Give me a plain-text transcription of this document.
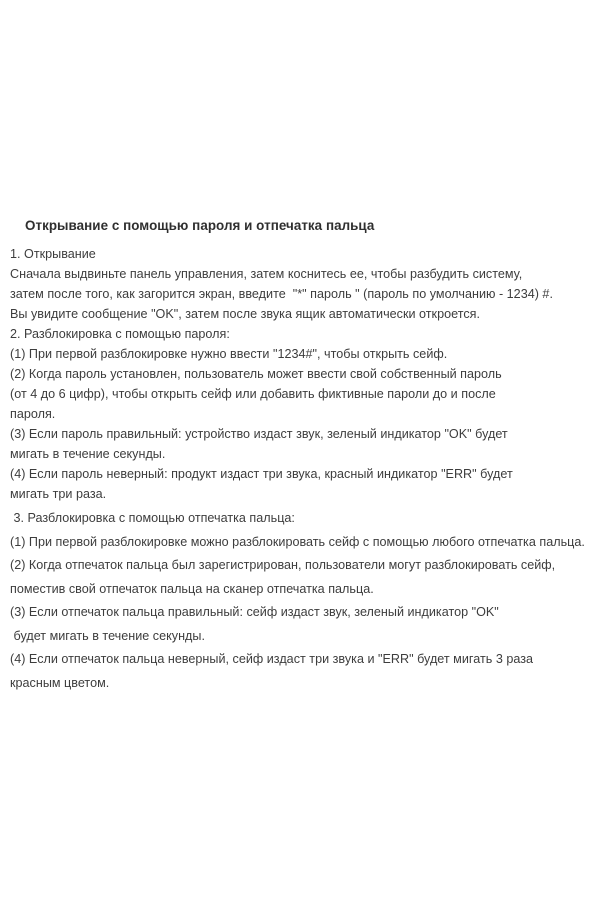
Открывание с помощью пароля и отпечатка пальца

1. Открывание

Сначала выдвиньте панель управления, затем коснитесь ее, чтобы разбудить систему,

затем после того, как загорится экран, введите  "*" пароль " (пароль по умолчанию - 1234) #.

Вы увидите сообщение "OK", затем после звука ящик автоматически откроется.

2. Разблокировка с помощью пароля:

(1) При первой разблокировке нужно ввести "1234#", чтобы открыть сейф.

(2) Когда пароль установлен, пользователь может ввести свой собственный пароль

(от 4 до 6 цифр), чтобы открыть сейф или добавить фиктивные пароли до и после

пароля.

(3) Если пароль правильный: устройство издаст звук, зеленый индикатор "OK" будет

мигать в течение секунды.

(4) Если пароль неверный: продукт издаст три звука, красный индикатор "ERR" будет

мигать три раза.

3. Разблокировка с помощью отпечатка пальца:

(1) При первой разблокировке можно разблокировать сейф с помощью любого отпечатка пальца.

(2) Когда отпечаток пальца был зарегистрирован, пользователи могут разблокировать сейф,

поместив свой отпечаток пальца на сканер отпечатка пальца.

(3) Если отпечаток пальца правильный: сейф издаст звук, зеленый индикатор "OK"

будет мигать в течение секунды.

(4) Если отпечаток пальца неверный, сейф издаст три звука и "ERR" будет мигать 3 раза

красным цветом.
